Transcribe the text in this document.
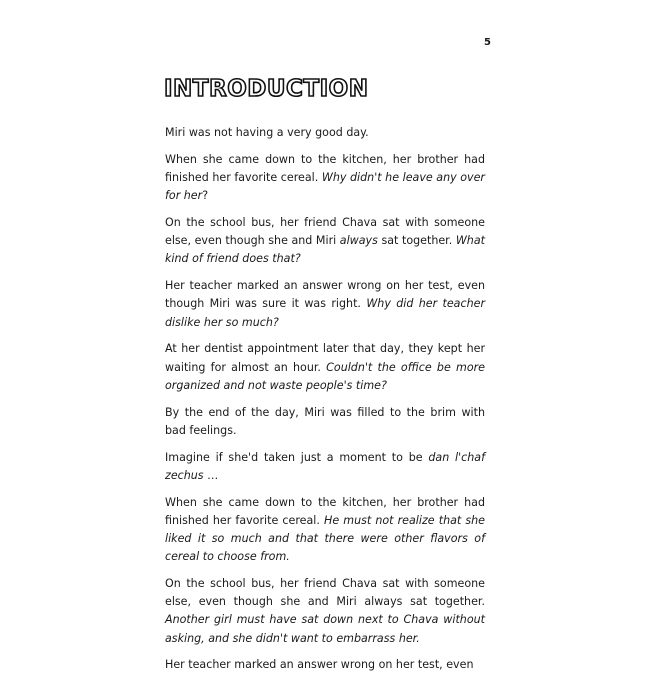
5
INTRODUCTION

Miri was not having a very good day.

When she came down to the kitchen, her brother had finished her favorite cereal. Why didn't he leave any over for her?

On the school bus, her friend Chava sat with someone else, even though she and Miri always sat together. What kind of friend does that?

Her teacher marked an answer wrong on her test, even though Miri was sure it was right. Why did her teacher dislike her so much?

At her dentist appointment later that day, they kept her waiting for almost an hour. Couldn't the office be more organized and not waste people's time?

By the end of the day, Miri was filled to the brim with bad feelings.

Imagine if she'd taken just a moment to be dan l'chaf zechus …

When she came down to the kitchen, her brother had finished her favorite cereal. He must not realize that she liked it so much and that there were other flavors of cereal to choose from.

On the school bus, her friend Chava sat with someone else, even though she and Miri always sat together. Another girl must have sat down next to Chava without asking, and she didn't want to embarrass her.

Her teacher marked an answer wrong on her test, even
